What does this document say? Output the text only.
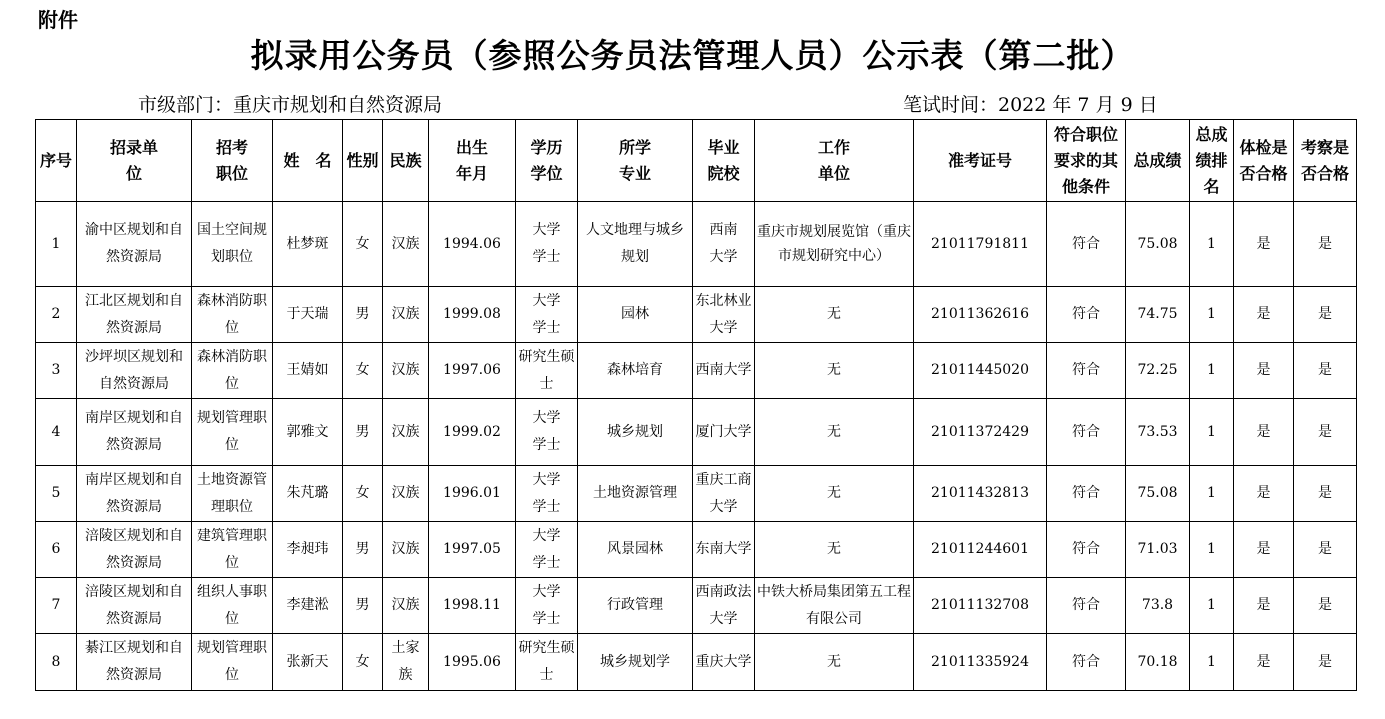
附件
拟录用公务员（参照公务员法管理人员）公示表（第二批）
市级部门：重庆市规划和自然资源局	笔试时间：2022 年 7 月 9 日
序号	招录单位	招考职位	姓　名	性别	民族	出生年月	学历学位	所学专业	毕业院校	工作单位	准考证号	符合职位要求的其他条件	总成绩	总成绩排名	体检是否合格	考察是否合格
1	渝中区规划和自然资源局	国土空间规划职位	杜梦斑	女	汉族	1994.06	大学学士	人文地理与城乡规划	西南大学	重庆市规划展览馆（重庆市规划研究中心）	21011791811	符合	75.08	1	是	是
2	江北区规划和自然资源局	森林消防职位	于天瑞	男	汉族	1999.08	大学学士	园林	东北林业大学	无	21011362616	符合	74.75	1	是	是
3	沙坪坝区规划和自然资源局	森林消防职位	王婧如	女	汉族	1997.06	研究生硕士	森林培育	西南大学	无	21011445020	符合	72.25	1	是	是
4	南岸区规划和自然资源局	规划管理职位	郭雅文	男	汉族	1999.02	大学学士	城乡规划	厦门大学	无	21011372429	符合	73.53	1	是	是
5	南岸区规划和自然资源局	土地资源管理职位	朱芃璐	女	汉族	1996.01	大学学士	土地资源管理	重庆工商大学	无	21011432813	符合	75.08	1	是	是
6	涪陵区规划和自然资源局	建筑管理职位	李昶玮	男	汉族	1997.05	大学学士	风景园林	东南大学	无	21011244601	符合	71.03	1	是	是
7	涪陵区规划和自然资源局	组织人事职位	李建淞	男	汉族	1998.11	大学学士	行政管理	西南政法大学	中铁大桥局集团第五工程有限公司	21011132708	符合	73.8	1	是	是
8	綦江区规划和自然资源局	规划管理职位	张新天	女	土家族	1995.06	研究生硕士	城乡规划学	重庆大学	无	21011335924	符合	70.18	1	是	是
